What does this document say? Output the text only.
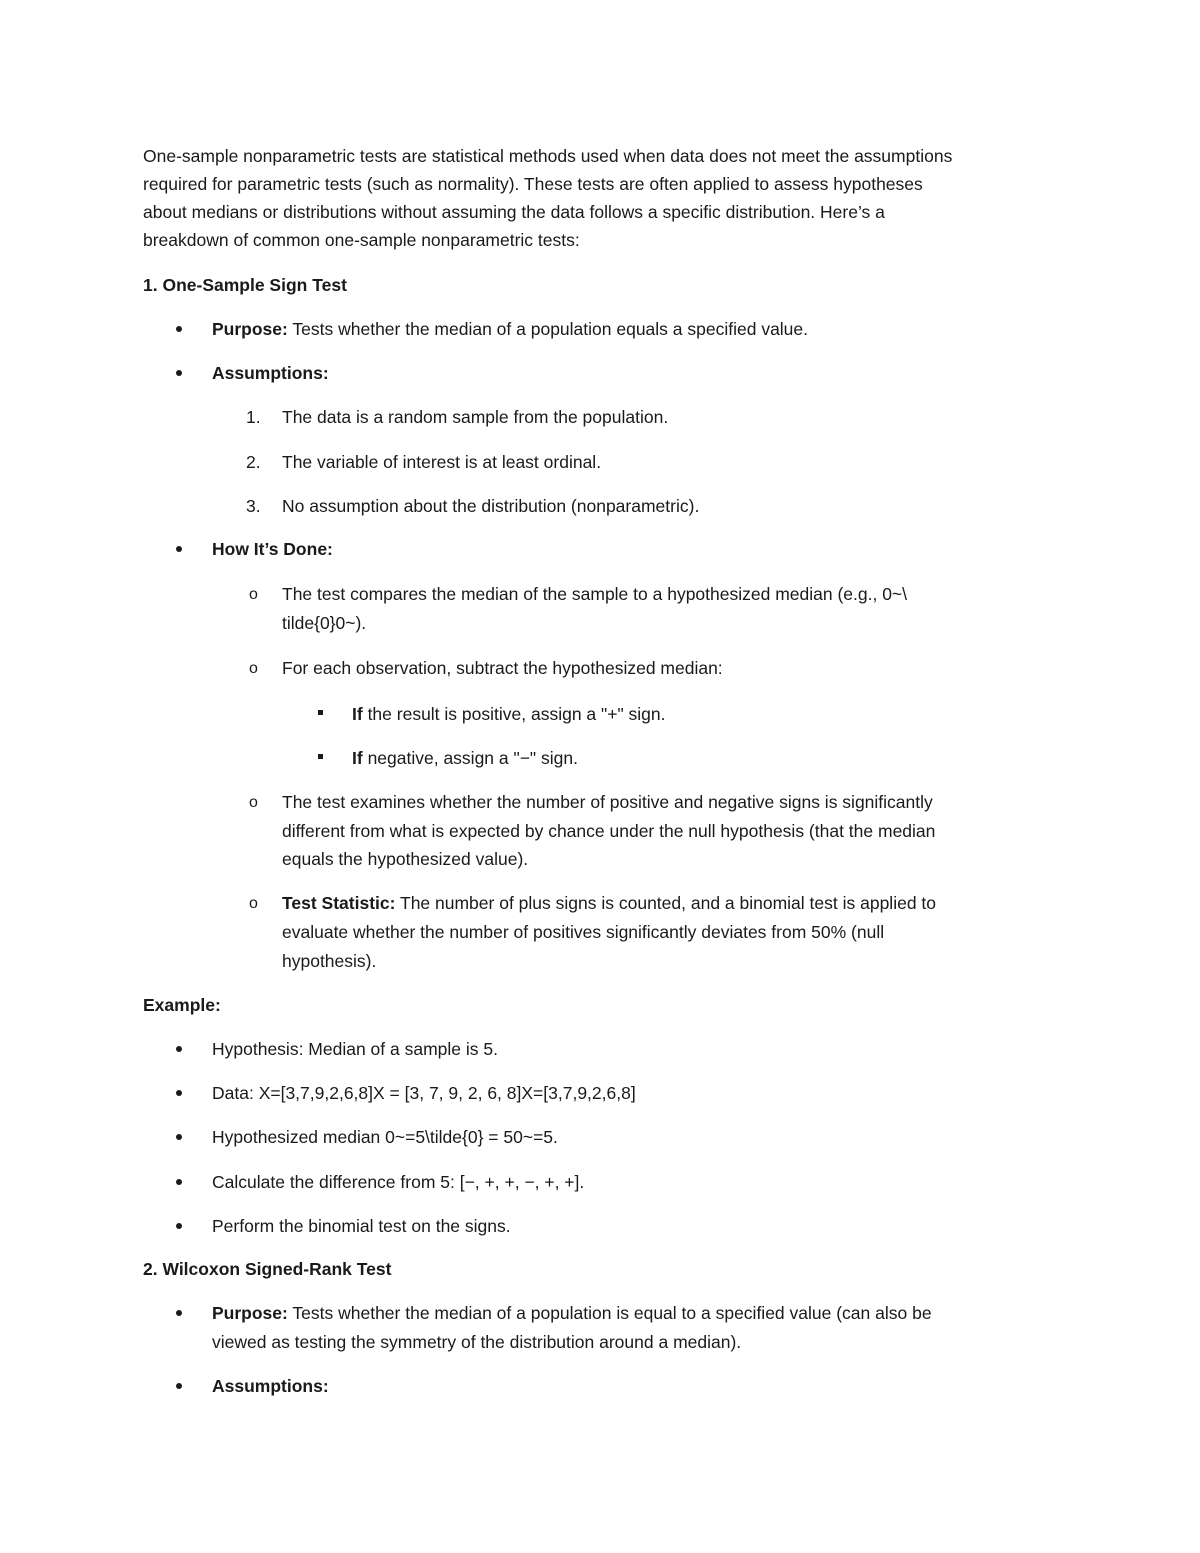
One-sample nonparametric tests are statistical methods used when data does not meet the assumptions
required for parametric tests (such as normality). These tests are often applied to assess hypotheses
about medians or distributions without assuming the data follows a specific distribution. Here’s a
breakdown of common one-sample nonparametric tests:
1. One-Sample Sign Test
Purpose: Tests whether the median of a population equals a specified value.
Assumptions:
1. The data is a random sample from the population.
2. The variable of interest is at least ordinal.
3. No assumption about the distribution (nonparametric).
How It’s Done:
o The test compares the median of the sample to a hypothesized median (e.g., 0~\
tilde{0}0~).
o For each observation, subtract the hypothesized median:
If the result is positive, assign a "+" sign.
If negative, assign a "−" sign.
o The test examines whether the number of positive and negative signs is significantly
different from what is expected by chance under the null hypothesis (that the median
equals the hypothesized value).
o Test Statistic: The number of plus signs is counted, and a binomial test is applied to
evaluate whether the number of positives significantly deviates from 50% (null
hypothesis).
Example:
Hypothesis: Median of a sample is 5.
Data: X=[3,7,9,2,6,8]X = [3, 7, 9, 2, 6, 8]X=[3,7,9,2,6,8]
Hypothesized median 0~=5\tilde{0} = 50~=5.
Calculate the difference from 5: [−, +, +, −, +, +].
Perform the binomial test on the signs.
2. Wilcoxon Signed-Rank Test
Purpose: Tests whether the median of a population is equal to a specified value (can also be
viewed as testing the symmetry of the distribution around a median).
Assumptions:
